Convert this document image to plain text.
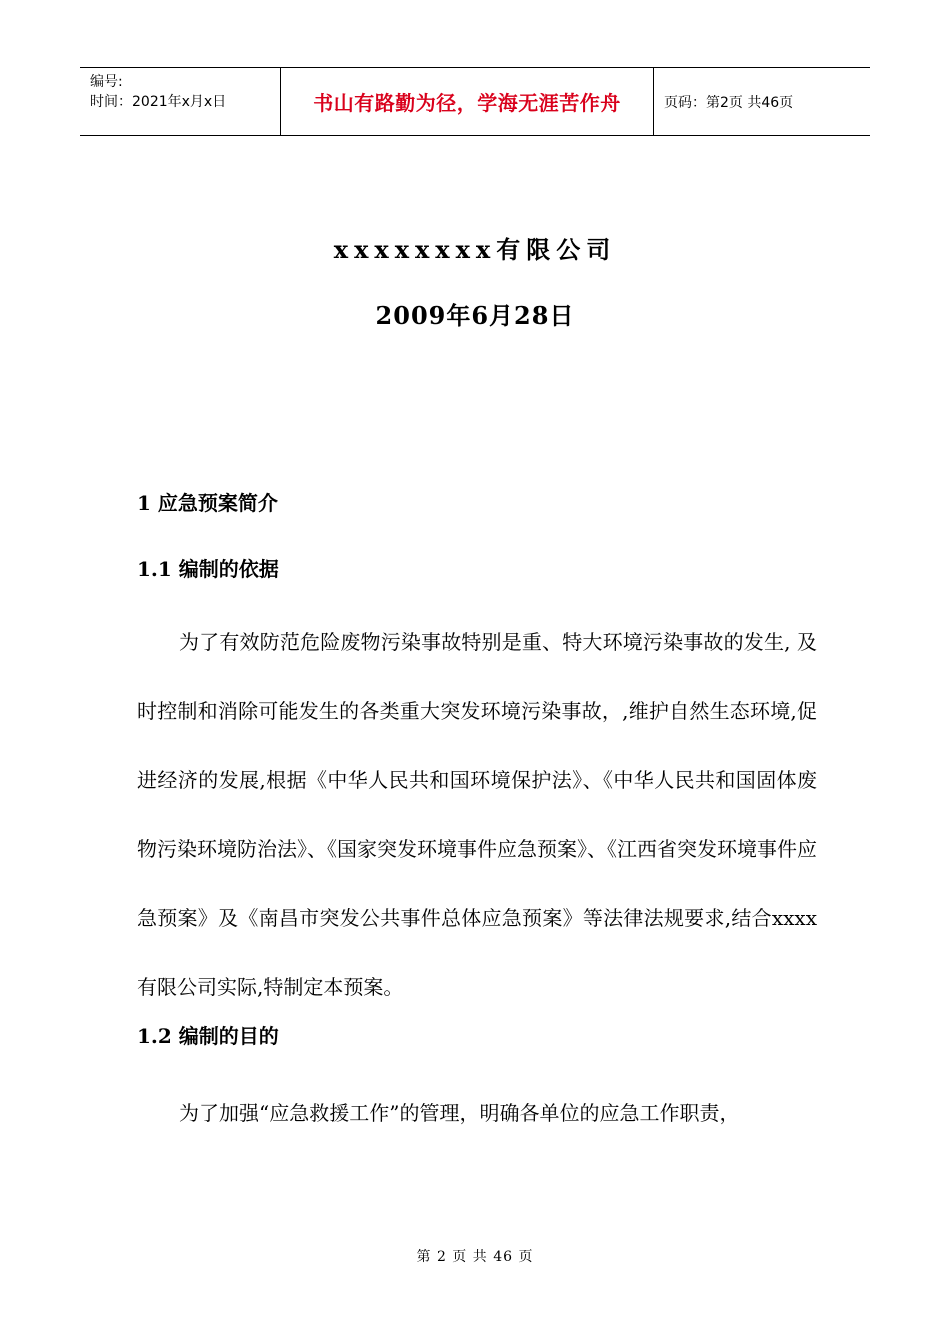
编号:
时间：2021年x月x日	书山有路勤为径，学海无涯苦作舟	页码：第2页 共46页
xxxxxxxx有限公司
2009年6月28日
1 应急预案简介
1.1 编制的依据
为了有效防范危险废物污染事故特别是重、特大环境污染事故的发生, 及时控制和消除可能发生的各类重大突发环境污染事故，,维护自然生态环境,促进经济的发展,根据《中华人民共和国环境保护法》、《中华人民共和国固体废物污染环境防治法》、《国家突发环境事件应急预案》、《江西省突发环境事件应急预案》及《南昌市突发公共事件总体应急预案》等法律法规要求,结合xxxx有限公司实际,特制定本预案。
1.2 编制的目的
为了加强“应急救援工作”的管理，明确各单位的应急工作职责，
第 2 页 共 46 页
